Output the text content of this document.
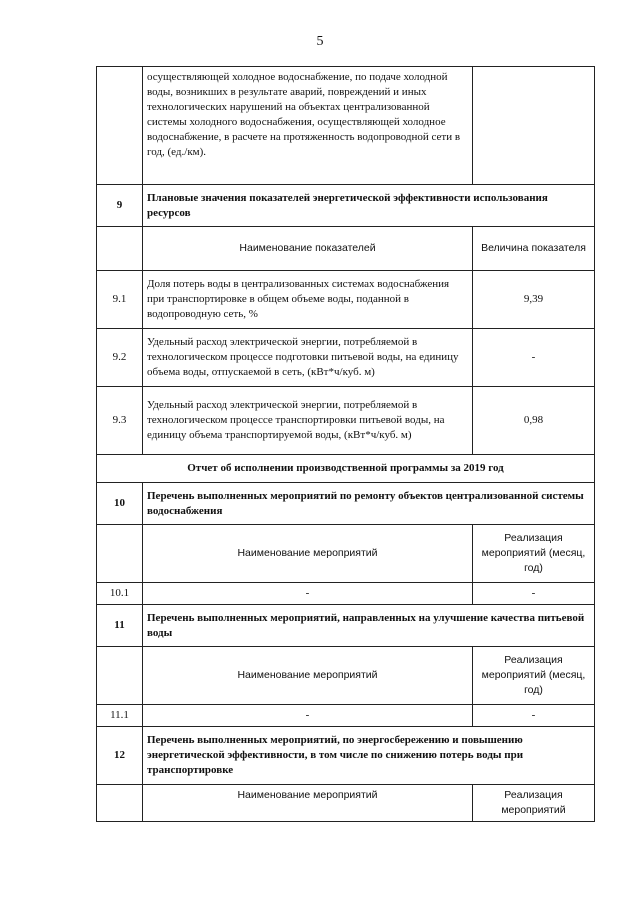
5
	осуществляющей холодное водоснабжение, по подаче холодной воды, возникших в результате аварий, повреждений и иных технологических нарушений на объектах централизованной системы холодного водоснабжения, осуществляющей холодное водоснабжение, в расчете на протяженность водопроводной сети в год, (ед./км).	
9	Плановые значения показателей энергетической эффективности использования ресурсов	
	Наименование показателей	Величина показателя
9.1	Доля потерь воды в централизованных системах водоснабжения при транспортировке в общем объеме воды, поданной в водопроводную сеть, %	9,39
9.2	Удельный расход электрической энергии, потребляемой в технологическом процессе подготовки питьевой воды, на единицу объема воды, отпускаемой в сеть, (кВт*ч/куб. м)	-
9.3	Удельный расход электрической энергии, потребляемой в технологическом процессе транспортировки питьевой воды, на единицу объема транспортируемой воды, (кВт*ч/куб. м)	0,98
Отчет об исполнении производственной программы за 2019 год		
10	Перечень выполненных мероприятий по ремонту объектов централизованной системы водоснабжения	
	Наименование мероприятий	Реализация мероприятий (месяц, год)
10.1	-	-
11	Перечень выполненных мероприятий, направленных на улучшение качества питьевой воды	
	Наименование мероприятий	Реализация мероприятий (месяц, год)
11.1	-	-
12	Перечень выполненных мероприятий, по энергосбережению и повышению энергетической эффективности, в том числе по снижению потерь воды при транспортировке	
	Наименование мероприятий	Реализация мероприятий
